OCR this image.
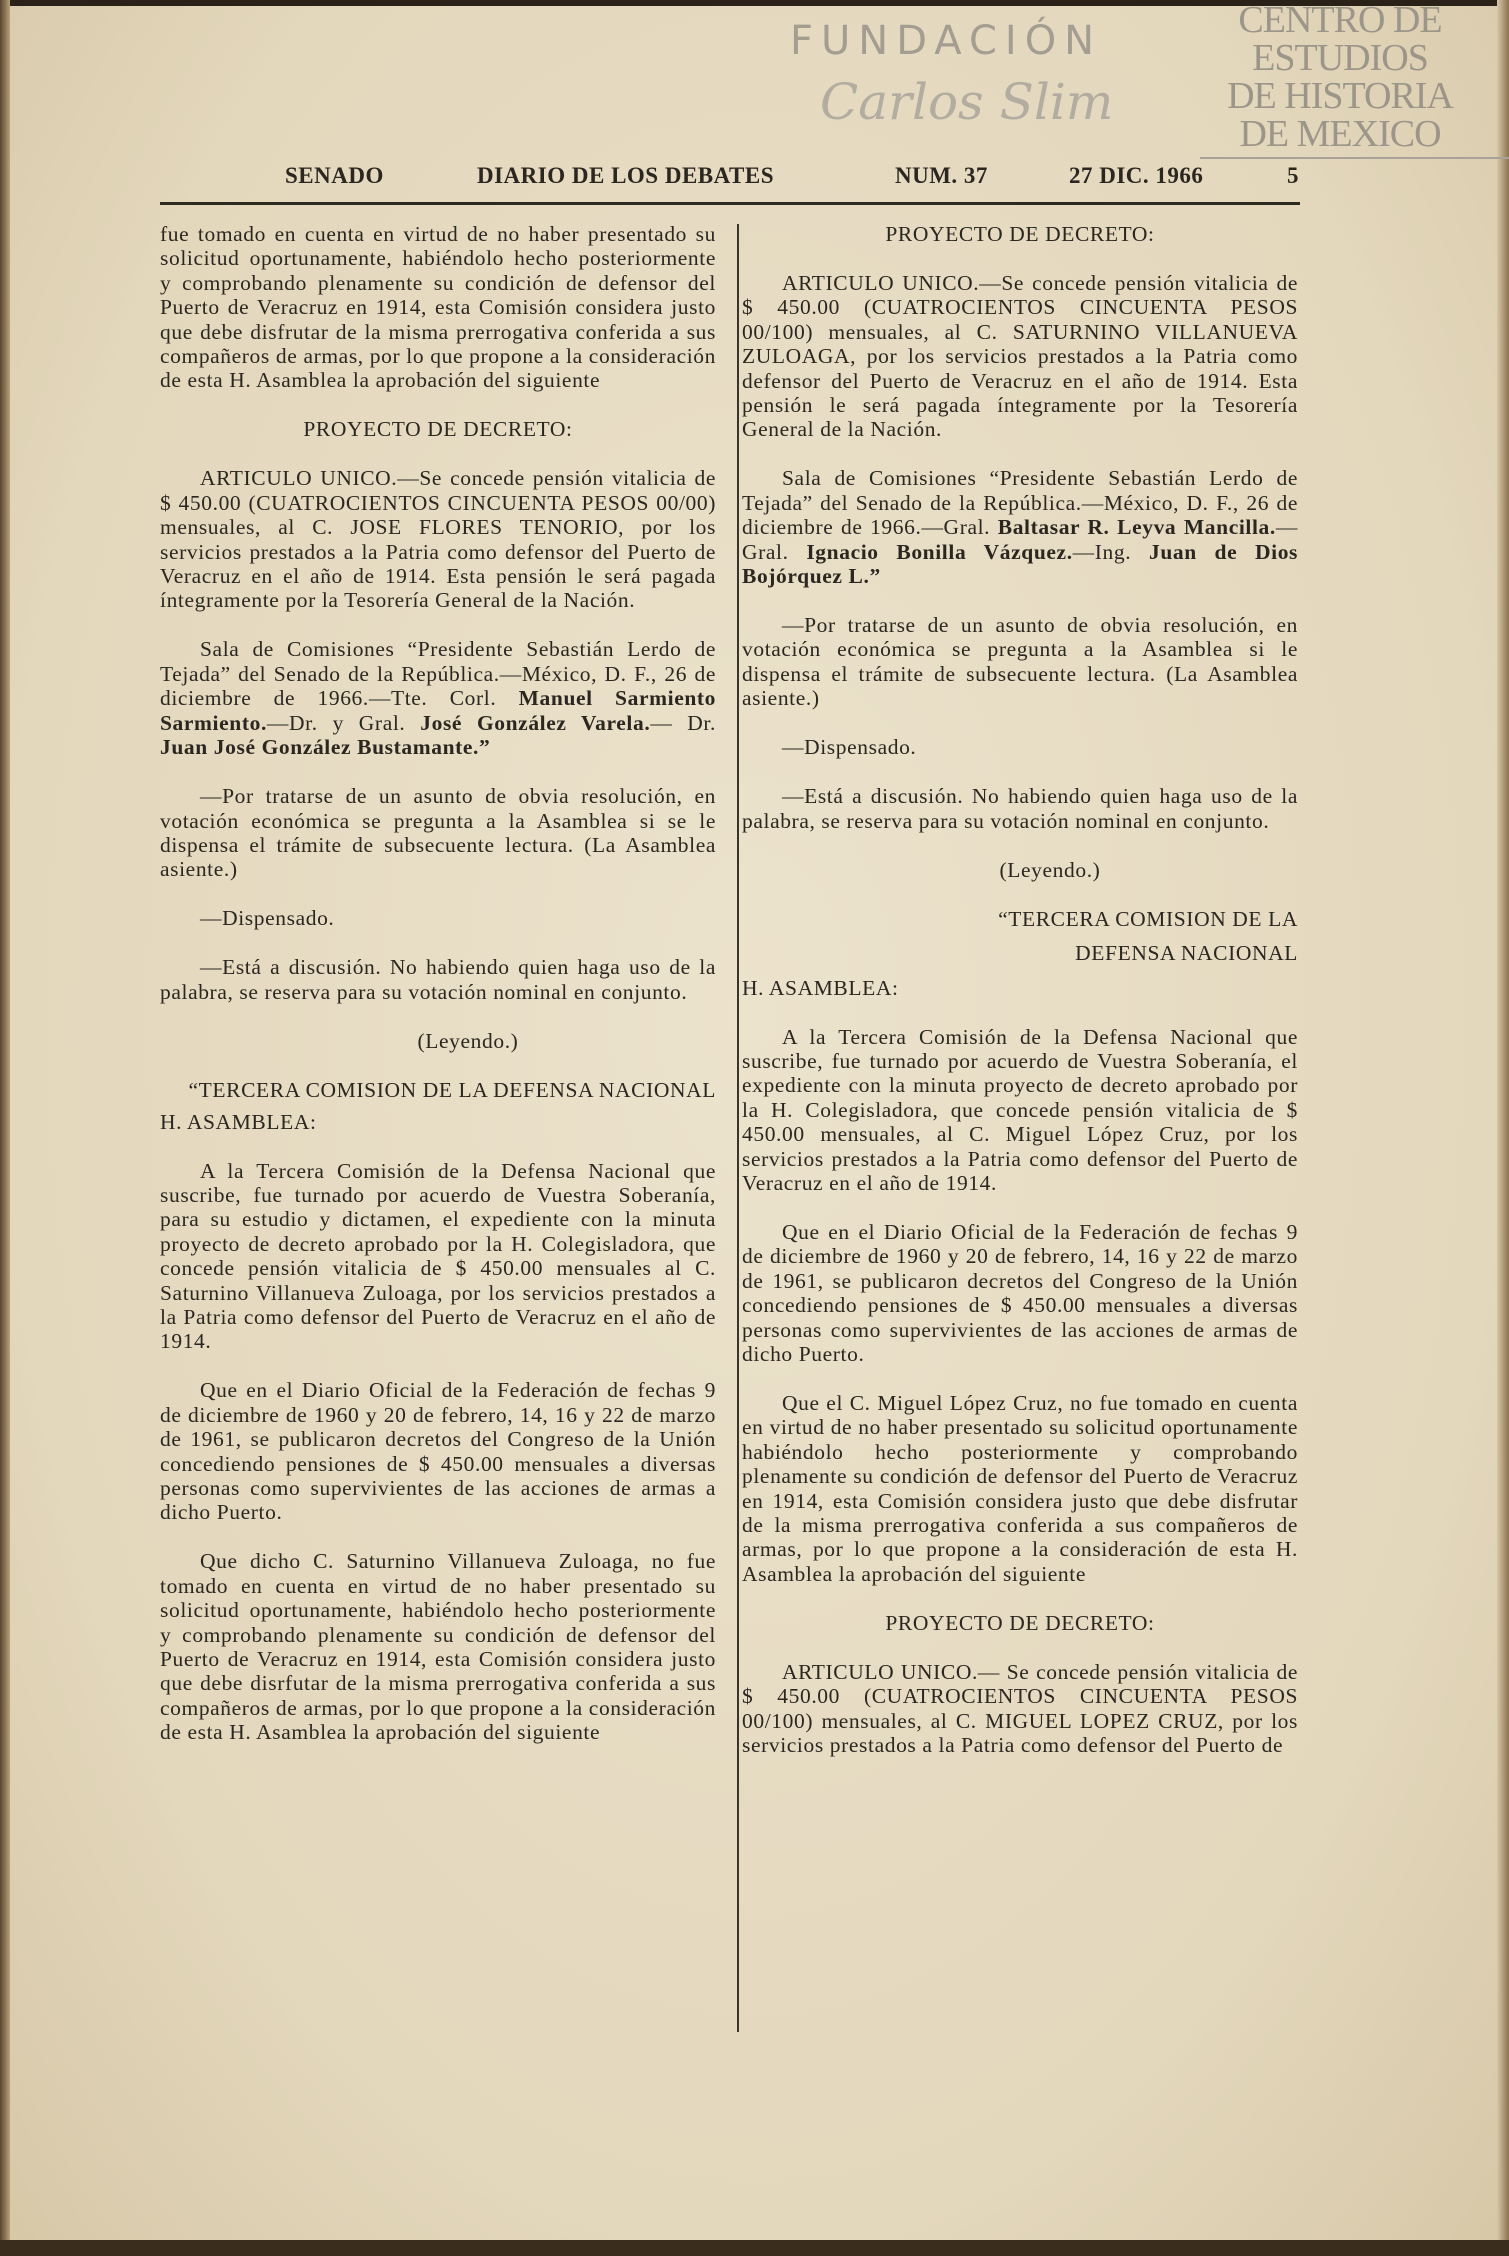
SENADO	DIARIO DE LOS DEBATES	NUM. 37	27 DIC. 1966	5

fue tomado en cuenta en virtud de no haber presentado su solicitud oportunamente, habiéndolo hecho posteriormente y comprobando plenamente su condición de defensor del Puerto de Veracruz en 1914, esta Comisión considera justo que debe disfrutar de la misma prerrogativa conferida a sus compañeros de armas, por lo que propone a la consideración de esta H. Asamblea la aprobación del siguiente

PROYECTO DE DECRETO:

ARTICULO UNICO.—Se concede pensión vitalicia de $ 450.00 (CUATROCIENTOS CINCUENTA PESOS 00/00) mensuales, al C. JOSE FLORES TENORIO, por los servicios prestados a la Patria como defensor del Puerto de Veracruz en el año de 1914. Esta pensión le será pagada íntegramente por la Tesorería General de la Nación.

Sala de Comisiones “Presidente Sebastián Lerdo de Tejada” del Senado de la República.—México, D. F., 26 de diciembre de 1966.—Tte. Corl. Manuel Sarmiento Sarmiento.—Dr. y Gral. José González Varela.— Dr. Juan José González Bustamante.”

—Por tratarse de un asunto de obvia resolución, en votación económica se pregunta a la Asamblea si se le dispensa el trámite de subsecuente lectura. (La Asamblea asiente.)

—Dispensado.

—Está a discusión. No habiendo quien haga uso de la palabra, se reserva para su votación nominal en conjunto.

(Leyendo.)

“TERCERA COMISION DE LA DEFENSA NACIONAL

H. ASAMBLEA:

A la Tercera Comisión de la Defensa Nacional que suscribe, fue turnado por acuerdo de Vuestra Soberanía, para su estudio y dictamen, el expediente con la minuta proyecto de decreto aprobado por la H. Colegisladora, que concede pensión vitalicia de $ 450.00 mensuales al C. Saturnino Villanueva Zuloaga, por los servicios prestados a la Patria como defensor del Puerto de Veracruz en el año de 1914.

Que en el Diario Oficial de la Federación de fechas 9 de diciembre de 1960 y 20 de febrero, 14, 16 y 22 de marzo de 1961, se publicaron decretos del Congreso de la Unión concediendo pensiones de $ 450.00 mensuales a diversas personas como supervivientes de las acciones de armas a dicho Puerto.

Que dicho C. Saturnino Villanueva Zuloaga, no fue tomado en cuenta en virtud de no haber presentado su solicitud oportunamente, habiéndolo hecho posteriormente y comprobando plenamente su condición de defensor del Puerto de Veracruz en 1914, esta Comisión considera justo que debe disrfutar de la misma prerrogativa conferida a sus compañeros de armas, por lo que propone a la consideración de esta H. Asamblea la aprobación del siguiente

PROYECTO DE DECRETO:

ARTICULO UNICO.—Se concede pensión vitalicia de $ 450.00 (CUATROCIENTOS CINCUENTA PESOS 00/100) mensuales, al C. SATURNINO VILLANUEVA ZULOAGA, por los servicios prestados a la Patria como defensor del Puerto de Veracruz en el año de 1914. Esta pensión le será pagada íntegramente por la Tesorería General de la Nación.

Sala de Comisiones “Presidente Sebastián Lerdo de Tejada” del Senado de la República.—México, D. F., 26 de diciembre de 1966.—Gral. Baltasar R. Leyva Mancilla.—Gral. Ignacio Bonilla Vázquez.—Ing. Juan de Dios Bojórquez L.”

—Por tratarse de un asunto de obvia resolución, en votación económica se pregunta a la Asamblea si le dispensa el trámite de subsecuente lectura. (La Asamblea asiente.)

—Dispensado.

—Está a discusión. No habiendo quien haga uso de la palabra, se reserva para su votación nominal en conjunto.

(Leyendo.)

“TERCERA COMISION DE LA

DEFENSA NACIONAL

H. ASAMBLEA:

A la Tercera Comisión de la Defensa Nacional que suscribe, fue turnado por acuerdo de Vuestra Soberanía, el expediente con la minuta proyecto de decreto aprobado por la H. Colegisladora, que concede pensión vitalicia de $ 450.00 mensuales, al C. Miguel López Cruz, por los servicios prestados a la Patria como defensor del Puerto de Veracruz en el año de 1914.

Que en el Diario Oficial de la Federación de fechas 9 de diciembre de 1960 y 20 de febrero, 14, 16 y 22 de marzo de 1961, se publicaron decretos del Congreso de la Unión concediendo pensiones de $ 450.00 mensuales a diversas personas como supervivientes de las acciones de armas de dicho Puerto.

Que el C. Miguel López Cruz, no fue tomado en cuenta en virtud de no haber presentado su solicitud oportunamente habiéndolo hecho posteriormente y comprobando plenamente su condición de defensor del Puerto de Veracruz en 1914, esta Comisión considera justo que debe disfrutar de la misma prerrogativa conferida a sus compañeros de armas, por lo que propone a la consideración de esta H. Asamblea la aprobación del siguiente

PROYECTO DE DECRETO:

ARTICULO UNICO.— Se concede pensión vitalicia de $ 450.00 (CUATROCIENTOS CINCUENTA PESOS 00/100) mensuales, al C. MIGUEL LOPEZ CRUZ, por los servicios prestados a la Patria como defensor del Puerto de

CENTRO DE
ESTUDIOS
DE HISTORIA
DE MEXICO
FUNDACIÓN
Carlos Slim
